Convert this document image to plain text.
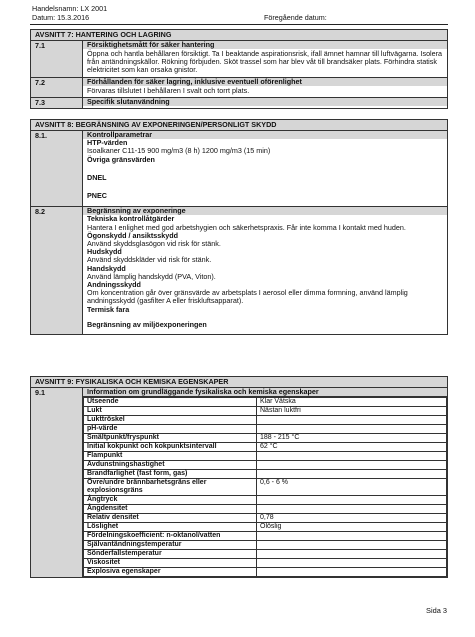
Handelsnamn: LX 2001
Datum: 15.3.2016	Föregående datum:
AVSNITT 7: HANTERING OCH LAGRING
7.1	Försiktighetsmått för säker hantering
Öppna och hantla behållaren försiktigt. Ta I beaktande aspirationsrisk, ifall ämnet hamnar till luftvägarna. Isolera från antändningskällor. Rökning förbjuden. Sköt trassel som har blev våt till brandsäker plats. Förhindra statisk elektricitet som kan orsaka gnistor.
7.2	Förhållanden för säker lagring, inklusive eventuell oförenlighet
Förvaras tillslutet I behållaren I svalt och torrt plats.
7.3	Specifik slutanvändning
AVSNITT 8: BEGRÄNSNING AV EXPONERINGEN/PERSONLIGT SKYDD
8.1.	Kontrollparametrar
HTP-värden
Isoalkaner C11-15 900 mg/m3 (8 h) 1200 mg/m3 (15 min)
Övriga gränsvärden
DNEL
PNEC
8.2	Begränsning av exponeringe
Tekniska kontrollåtgärder
Hantera I enlighet med god arbetshygien och säkerhetspraxis. Får inte komma I kontakt med huden.
Ögonskydd / ansiktsskydd
Använd skyddsglasögon vid risk för stänk.
Hudskydd
Använd skyddskläder vid risk för stänk.
Handskydd
Använd lämplig handskydd (PVA, Viton).
Andningsskydd
Om koncentration går över gränsvärde av arbetsplats I aerosol eller dimma formning, använd lämplig andningsskydd (gasfilter A eller friskluftsapparat).
Termisk fara
Begränsning av miljöexponeringen
AVSNITT 9: FYSIKALISKA OCH KEMISKA EGENSKAPER
9.1	Information om grundläggande fysikaliska och kemiska egenskaper
Utseende	Klar Vätska
Lukt	Nästan luktfri
Lukttröskel	
pH-värde	
Smältpunkt/fryspunkt	188 - 215 °C
Initial kokpunkt och kokpunktsintervall	62 °C
Flampunkt	
Avdunstningshastighet	
Brandfarlighet (fast form, gas)	
Övre/undre brännbarhetsgräns eller explosionsgräns	0,6 - 6 %
Ångtryck	
Ångdensitet	
Relativ densitet	0,78
Löslighet	Olöslig
Fördelningskoefficient: n-oktanol/vatten	
Självantändningstemperatur	
Sönderfallstemperatur	
Viskositet	
Explosiva egenskaper	
Sida 3
